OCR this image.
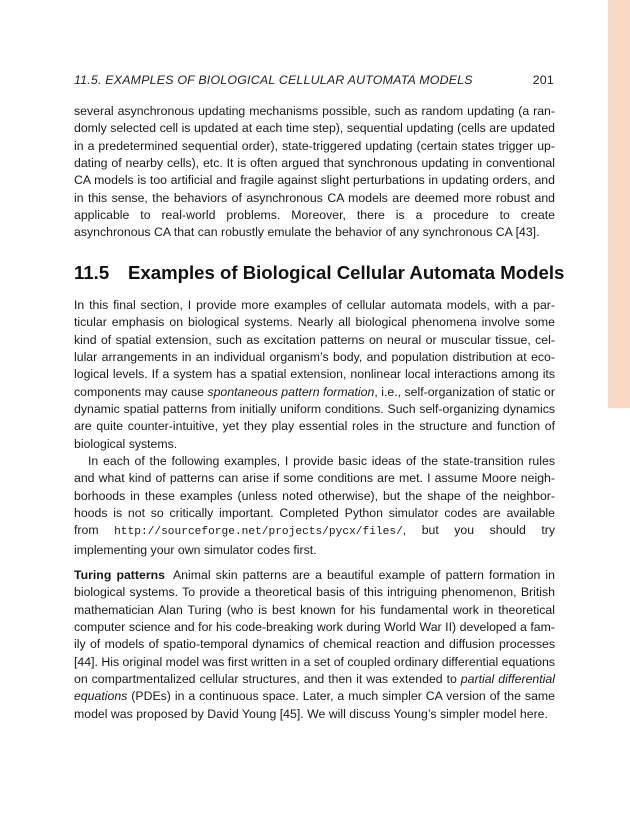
11.5. EXAMPLES OF BIOLOGICAL CELLULAR AUTOMATA MODELS	201

several asynchronous updating mechanisms possible, such as random updating (a randomly selected cell is updated at each time step), sequential updating (cells are updated in a predetermined sequential order), state-triggered updating (certain states trigger updating of nearby cells), etc. It is often argued that synchronous updating in conventional CA models is too artificial and fragile against slight perturbations in updating orders, and in this sense, the behaviors of asynchronous CA models are deemed more robust and applicable to real-world problems. Moreover, there is a procedure to create asynchronous CA that can robustly emulate the behavior of any synchronous CA [43].

11.5 Examples of Biological Cellular Automata Models

In this final section, I provide more examples of cellular automata models, with a particular emphasis on biological systems. Nearly all biological phenomena involve some kind of spatial extension, such as excitation patterns on neural or muscular tissue, cellular arrangements in an individual organism’s body, and population distribution at ecological levels. If a system has a spatial extension, nonlinear local interactions among its components may cause spontaneous pattern formation, i.e., self-organization of static or dynamic spatial patterns from initially uniform conditions. Such self-organizing dynamics are quite counter-intuitive, yet they play essential roles in the structure and function of biological systems.

In each of the following examples, I provide basic ideas of the state-transition rules and what kind of patterns can arise if some conditions are met. I assume Moore neighborhoods in these examples (unless noted otherwise), but the shape of the neighborhoods is not so critically important. Completed Python simulator codes are available from http://sourceforge.net/projects/pycx/files/, but you should try implementing your own simulator codes first.

Turing patterns Animal skin patterns are a beautiful example of pattern formation in biological systems. To provide a theoretical basis of this intriguing phenomenon, British mathematician Alan Turing (who is best known for his fundamental work in theoretical computer science and for his code-breaking work during World War II) developed a family of models of spatio-temporal dynamics of chemical reaction and diffusion processes [44]. His original model was first written in a set of coupled ordinary differential equations on compartmentalized cellular structures, and then it was extended to partial differential equations (PDEs) in a continuous space. Later, a much simpler CA version of the same model was proposed by David Young [45]. We will discuss Young’s simpler model here.
